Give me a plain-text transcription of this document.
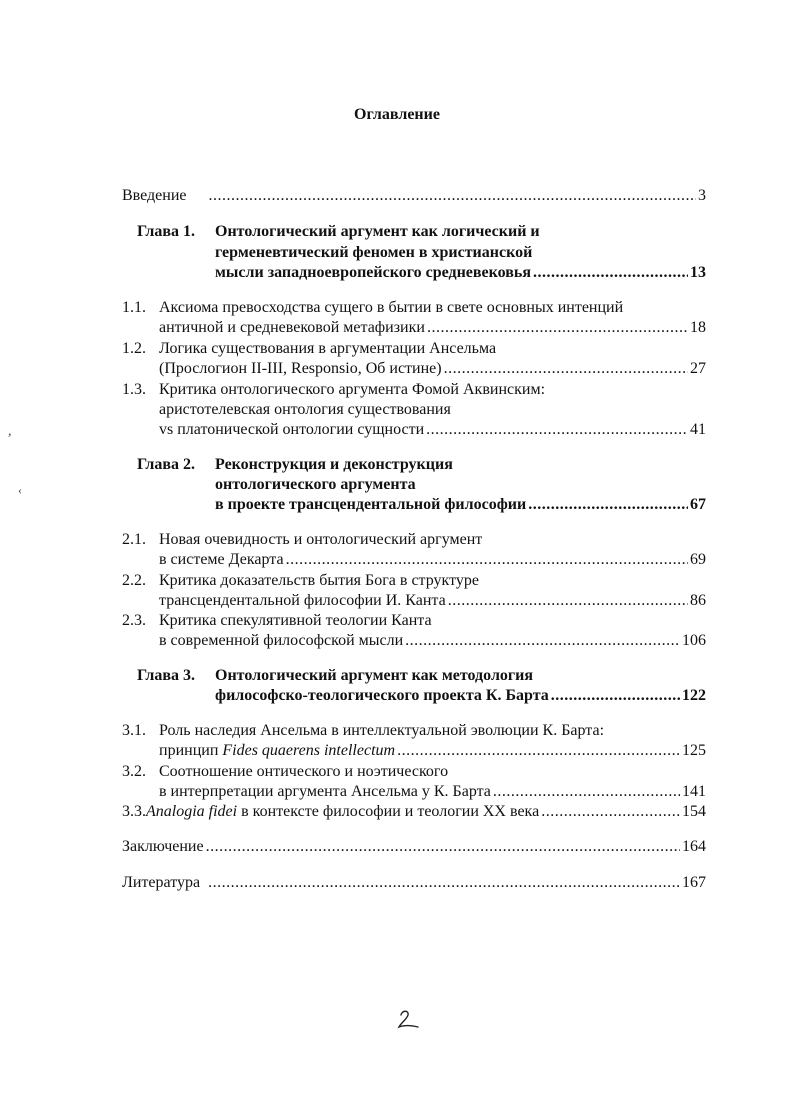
Оглавление
Введение .....	3
Глава 1.	Онтологический аргумент как логический и
герменевтический феномен в христианской
мысли западноевропейского средневековья .....	13
1.1. Аксиома превосходства сущего в бытии в свете основных интенций
античной и средневековой метафизики .....	18
1.2. Логика существования в аргументации Ансельма
(Прослогион II-III, Responsio, Об истине) .....	27
1.3. Критика онтологического аргумента Фомой Аквинским:
аристотелевская онтология существования
vs платонической онтологии сущности .....	41
Глава 2.	Реконструкция и деконструкция
онтологического аргумента
в проекте трансцендентальной философии .....	67
2.1. Новая очевидность и онтологический аргумент
в системе Декарта .....	69
2.2. Критика доказательств бытия Бога в структуре
трансцендентальной философии И. Канта .....	86
2.3. Критика спекулятивной теологии Канта
в современной философской мысли .....	106
Глава 3.	Онтологический аргумент как методология
философско-теологического проекта К. Барта .....	122
3.1. Роль наследия Ансельма в интеллектуальной эволюции К. Барта:
принцип Fides quaerens intellectum .....	125
3.2. Соотношение онтического и ноэтического
в интерпретации аргумента Ансельма у К. Барта .....	141
3.3. Analogia fidei в контексте философии и теологии XX века .....	154
Заключение .....	164
Литература .....	167
,
‹
2
